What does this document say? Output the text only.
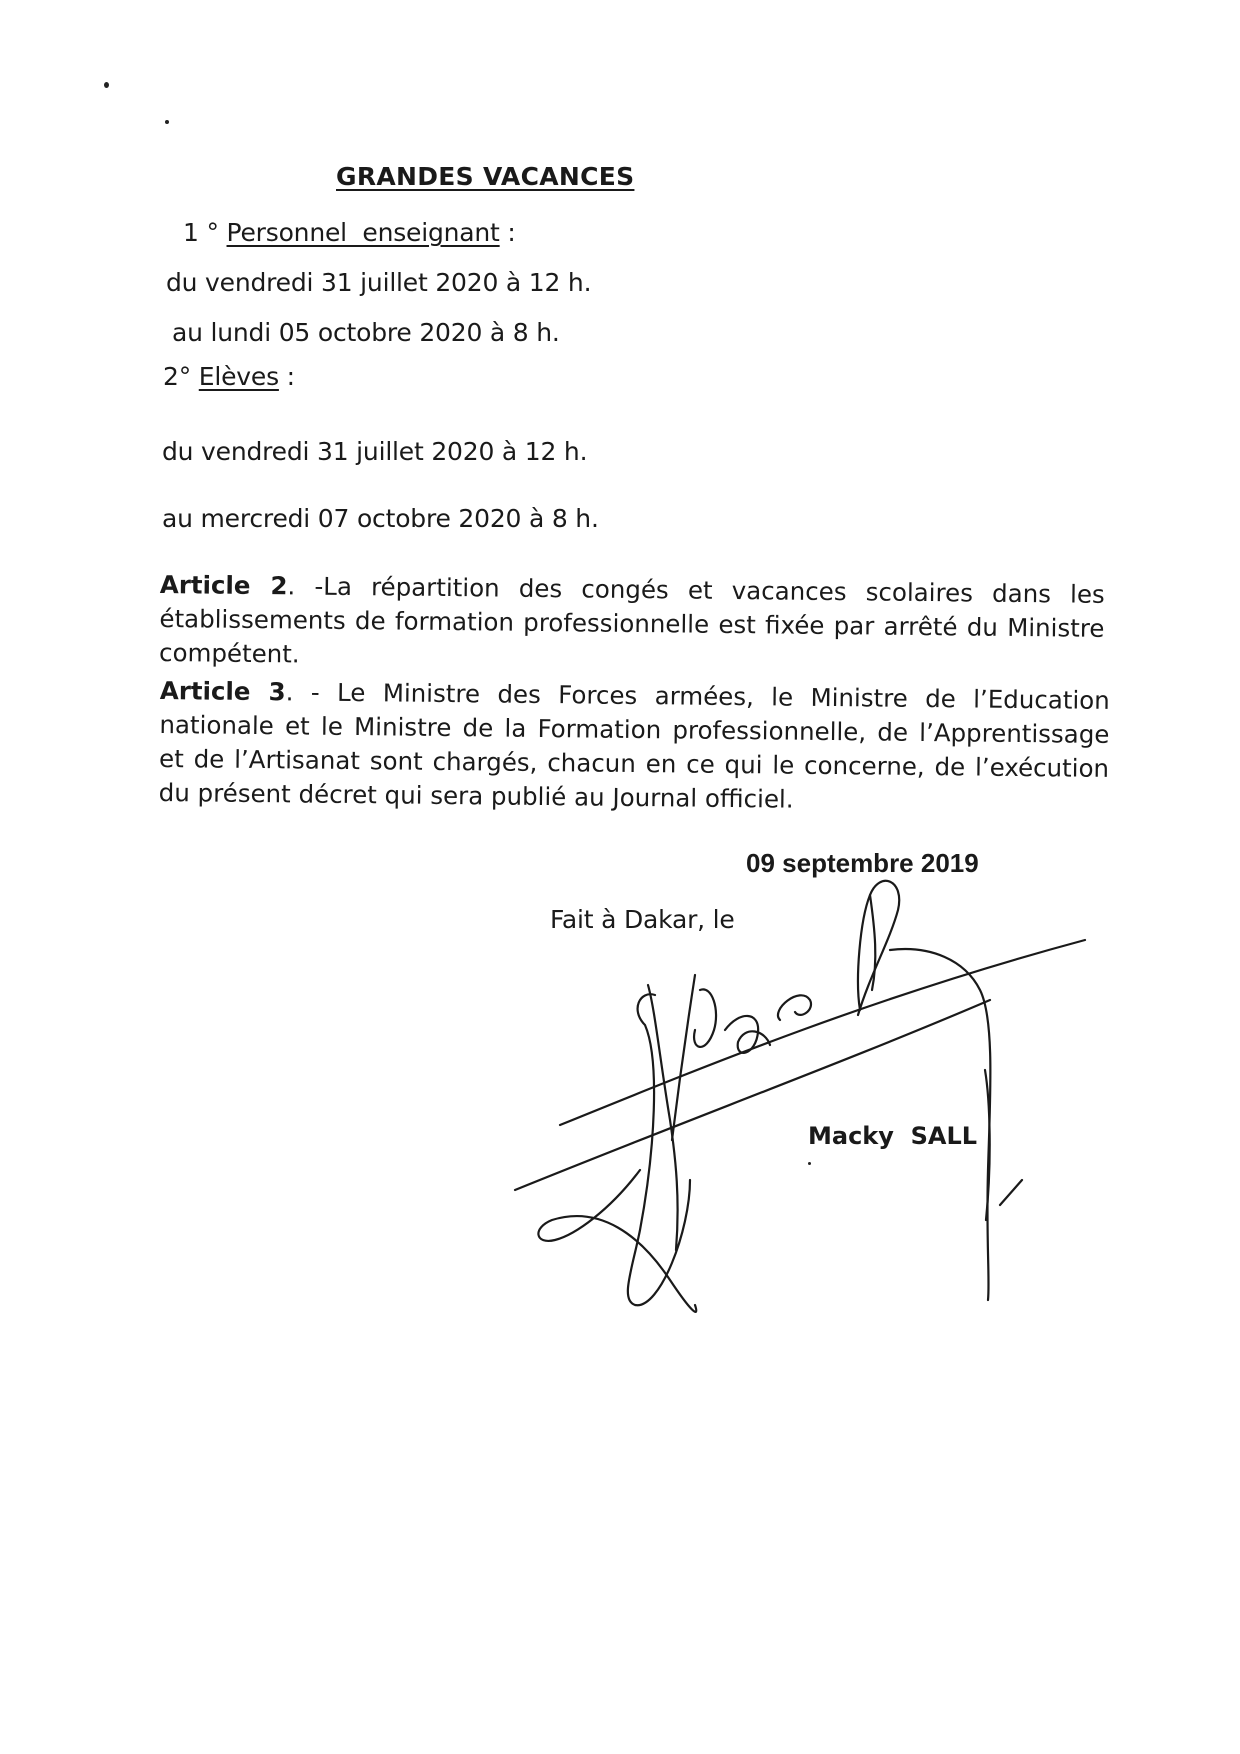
GRANDES VACANCES
1 ° Personnel  enseignant :
du vendredi 31 juillet 2020 à 12 h.
au lundi 05 octobre 2020 à 8 h.
2° Elèves :
du vendredi 31 juillet 2020 à 12 h.
au mercredi 07 octobre 2020 à 8 h.
Article 2. -La répartition des congés et vacances scolaires dans les établissements de formation professionnelle est fixée par arrêté du Ministre compétent.
Article 3. - Le Ministre des Forces armées, le Ministre de l’Education nationale et le Ministre de la Formation professionnelle, de l’Apprentissage et de l’Artisanat sont chargés, chacun en ce qui le concerne, de l’exécution du présent décret qui sera publié au Journal officiel.
09 septembre 2019
Fait à Dakar, le
Macky  SALL
